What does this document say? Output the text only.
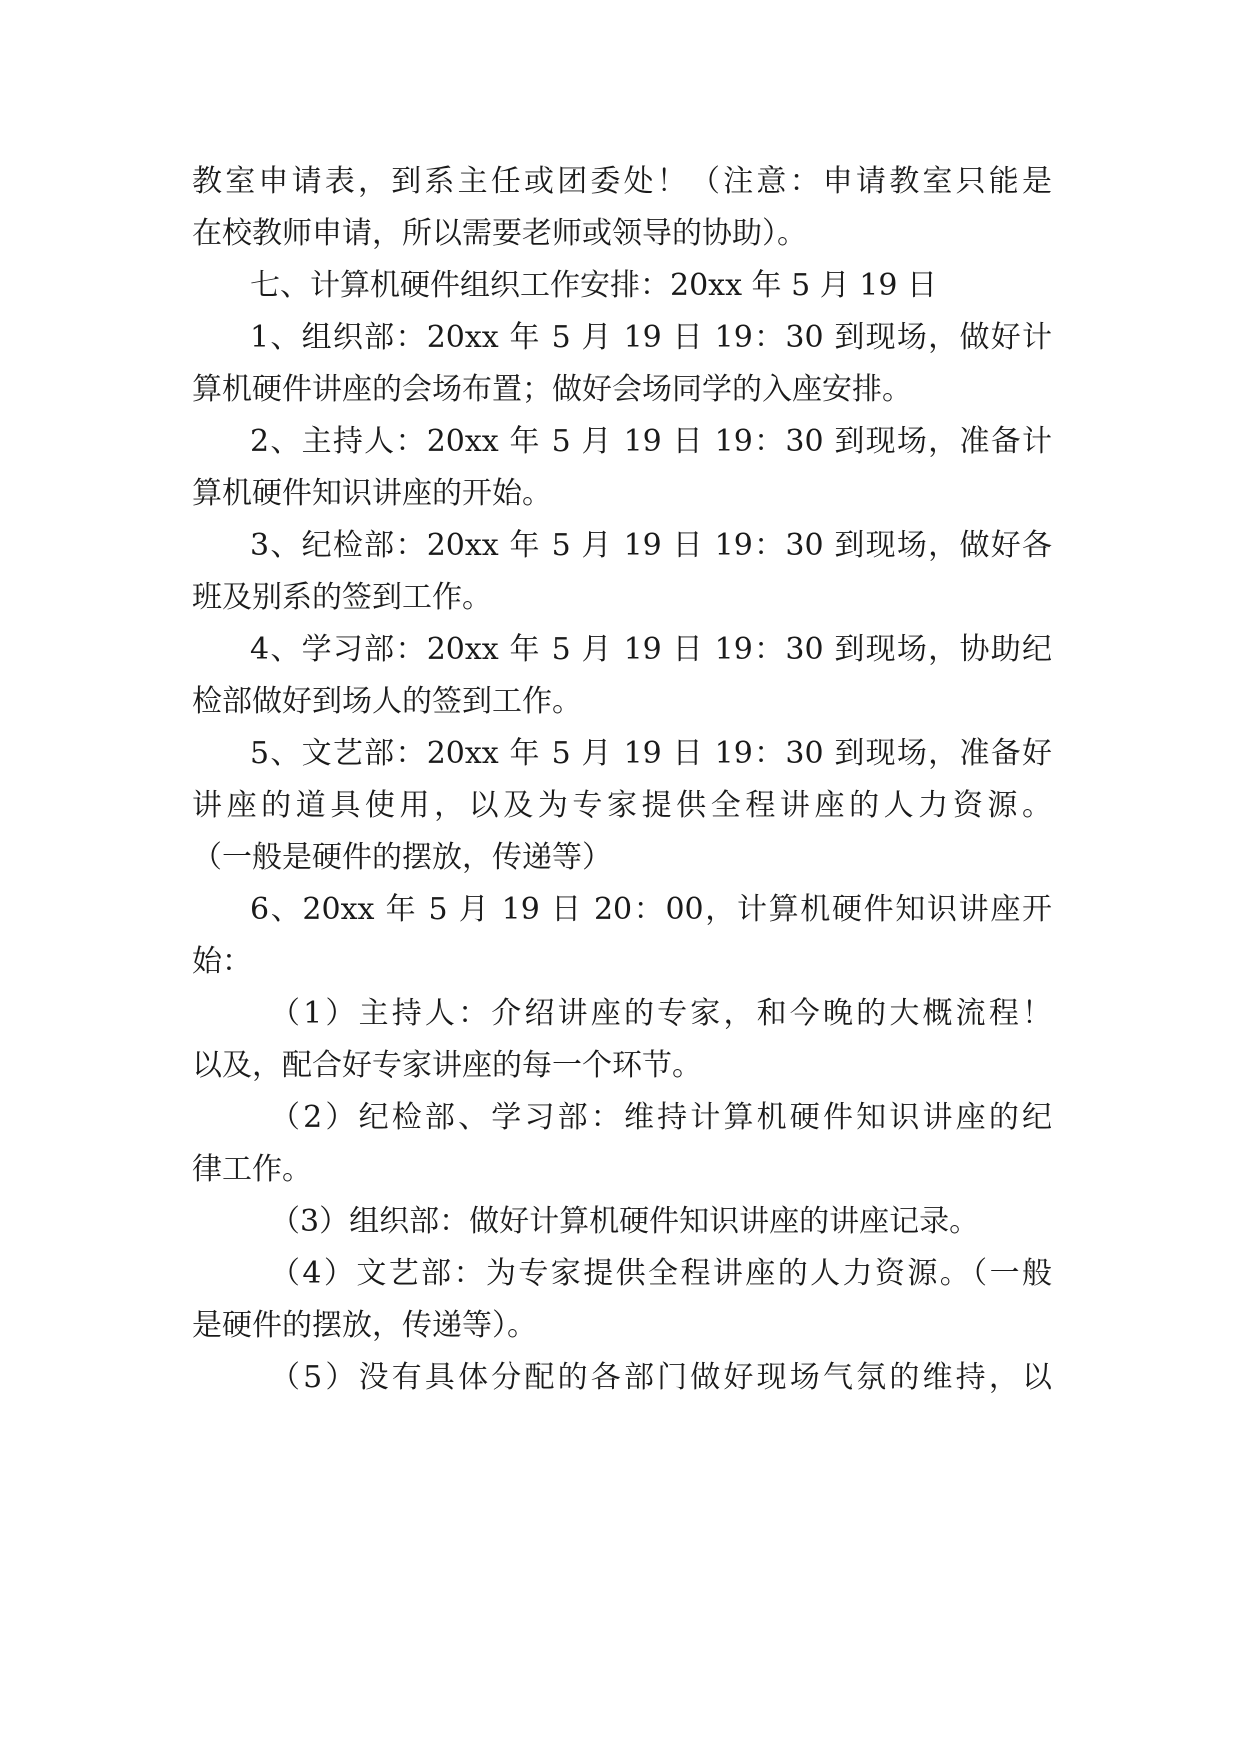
教室申请表，到系主任或团委处！（注意：申请教室只能是
在校教师申请，所以需要老师或领导的协助）。
七、计算机硬件组织工作安排：20xx 年 5 月 19 日
1、组织部：20xx 年 5 月 19 日 19：30 到现场，做好计
算机硬件讲座的会场布置；做好会场同学的入座安排。
2、主持人：20xx 年 5 月 19 日 19：30 到现场，准备计
算机硬件知识讲座的开始。
3、纪检部：20xx 年 5 月 19 日 19：30 到现场，做好各
班及别系的签到工作。
4、学习部：20xx 年 5 月 19 日 19：30 到现场，协助纪
检部做好到场人的签到工作。
5、文艺部：20xx 年 5 月 19 日 19：30 到现场，准备好
讲座的道具使用，以及为专家提供全程讲座的人力资源。
（一般是硬件的摆放，传递等）
6、20xx 年 5 月 19 日 20：00，计算机硬件知识讲座开
始：
（1）主持人：介绍讲座的专家，和今晚的大概流程！
以及，配合好专家讲座的每一个环节。
（2）纪检部、学习部：维持计算机硬件知识讲座的纪
律工作。
（3）组织部：做好计算机硬件知识讲座的讲座记录。
（4）文艺部：为专家提供全程讲座的人力资源。（一般
是硬件的摆放，传递等）。
（5）没有具体分配的各部门做好现场气氛的维持，以
